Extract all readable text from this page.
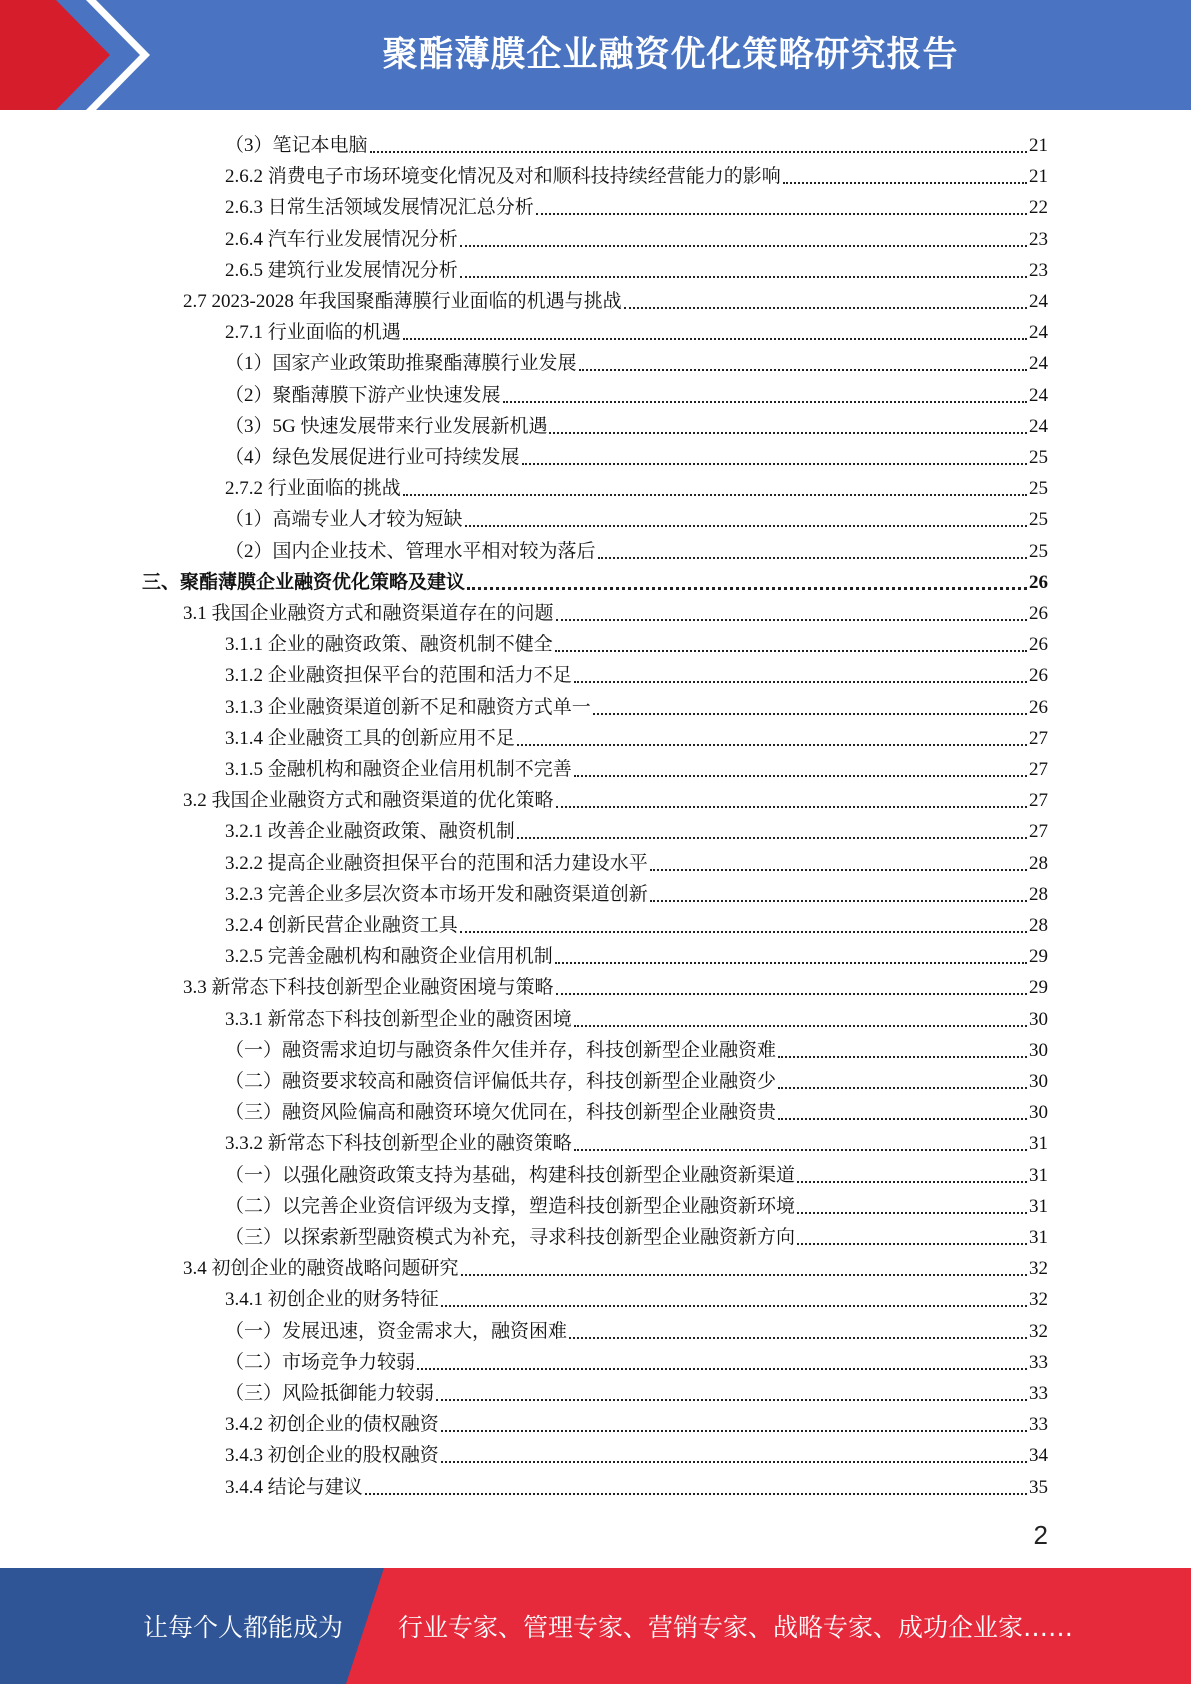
聚酯薄膜企业融资优化策略研究报告
（3）笔记本电脑	21
2.6.2 消费电子市场环境变化情况及对和顺科技持续经营能力的影响	21
2.6.3 日常生活领域发展情况汇总分析	22
2.6.4 汽车行业发展情况分析	23
2.6.5 建筑行业发展情况分析	23
2.7 2023-2028 年我国聚酯薄膜行业面临的机遇与挑战	24
2.7.1 行业面临的机遇	24
（1）国家产业政策助推聚酯薄膜行业发展	24
（2）聚酯薄膜下游产业快速发展	24
（3）5G 快速发展带来行业发展新机遇	24
（4）绿色发展促进行业可持续发展	25
2.7.2 行业面临的挑战	25
（1）高端专业人才较为短缺	25
（2）国内企业技术、管理水平相对较为落后	25
三、聚酯薄膜企业融资优化策略及建议	26
3.1 我国企业融资方式和融资渠道存在的问题	26
3.1.1 企业的融资政策、融资机制不健全	26
3.1.2 企业融资担保平台的范围和活力不足	26
3.1.3 企业融资渠道创新不足和融资方式单一	26
3.1.4 企业融资工具的创新应用不足	27
3.1.5 金融机构和融资企业信用机制不完善	27
3.2 我国企业融资方式和融资渠道的优化策略	27
3.2.1 改善企业融资政策、融资机制	27
3.2.2 提高企业融资担保平台的范围和活力建设水平	28
3.2.3 完善企业多层次资本市场开发和融资渠道创新	28
3.2.4 创新民营企业融资工具	28
3.2.5 完善金融机构和融资企业信用机制	29
3.3 新常态下科技创新型企业融资困境与策略	29
3.3.1 新常态下科技创新型企业的融资困境	30
（一）融资需求迫切与融资条件欠佳并存，科技创新型企业融资难	30
（二）融资要求较高和融资信评偏低共存，科技创新型企业融资少	30
（三）融资风险偏高和融资环境欠优同在，科技创新型企业融资贵	30
3.3.2 新常态下科技创新型企业的融资策略	31
（一）以强化融资政策支持为基础，构建科技创新型企业融资新渠道	31
（二）以完善企业资信评级为支撑，塑造科技创新型企业融资新环境	31
（三）以探索新型融资模式为补充，寻求科技创新型企业融资新方向	31
3.4 初创企业的融资战略问题研究	32
3.4.1 初创企业的财务特征	32
（一）发展迅速，资金需求大，融资困难	32
（二）市场竞争力较弱	33
（三）风险抵御能力较弱	33
3.4.2 初创企业的债权融资	33
3.4.3 初创企业的股权融资	34
3.4.4 结论与建议	35
2
让每个人都能成为 行业专家、管理专家、营销专家、战略专家、成功企业家……
